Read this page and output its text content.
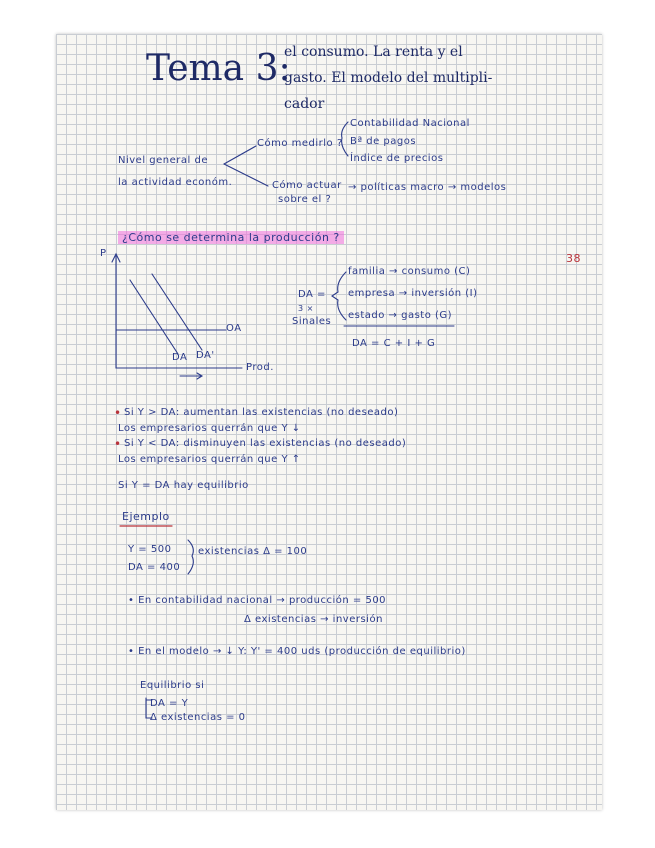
Tema 3:
el consumo. La renta y el
gasto. El modelo del multipli-
cador
Nivel general de
la actividad económ.
Cómo medirlo ?
Contabilidad Nacional
Bª de pagos
Índice de precios
Cómo actuar
sobre el ?
→ políticas macro → modelos
¿Cómo se determina la producción ?
38
P
Prod.
OA
DA DA'
DA =
3 ×
Sinales
familia → consumo (C)
empresa → inversión (I)
estado → gasto (G)
DA = C + I + G
• Si Y > DA: aumentan las existencias (no deseado)
Los empresarios querrán que Y ↓
• Si Y < DA: disminuyen las existencias (no deseado)
Los empresarios querrán que Y ↑
Si Y = DA hay equilibrio
Ejemplo
Y = 500
DA = 400
existencias Δ = 100
• En contabilidad nacional → producción = 500
Δ existencias → inversión
• En el modelo → ↓ Y: Y' = 400 uds (producción de equilibrio)
Equilibrio si
DA = Y
Δ existencias = 0
